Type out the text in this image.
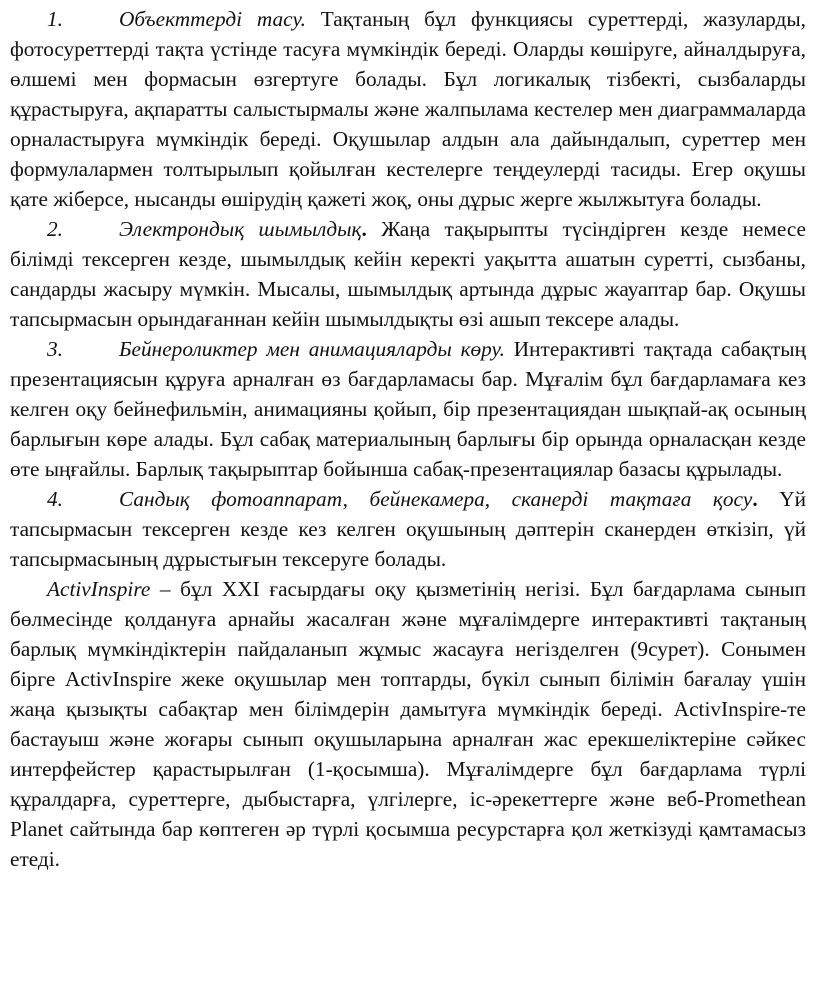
1.	Объекттерді тасу. Тақтаның бұл функциясы суреттерді, жазуларды, фотосуреттерді тақта үстінде тасуға мүмкіндік береді. Оларды көшіруге, айналдыруға, өлшемі мен формасын өзгертуге болады. Бұл логикалық тізбекті, сызбаларды құрастыруға, ақпаратты салыстырмалы және жалпылама кестелер мен диаграммаларда орналастыруға мүмкіндік береді. Оқушылар алдын ала дайындалып, суреттер мен формулалармен толтырылып қойылған кестелерге теңдеулерді тасиды. Егер оқушы қате жіберсе, нысанды өшірудің қажеті жоқ, оны дұрыс жерге жылжытуға болады.

2.	Электрондық шымылдық. Жаңа тақырыпты түсіндірген кезде немесе білімді тексерген кезде, шымылдық кейін керекті уақытта ашатын суретті, сызбаны, сандарды жасыру мүмкін. Мысалы, шымылдық артында дұрыс жауаптар бар. Оқушы тапсырмасын орындағаннан кейін шымылдықты өзі ашып тексере алады.

3.	Бейнероликтер мен анимацияларды көру. Интерактивті тақтада сабақтың презентациясын құруға арналған өз бағдарламасы бар. Мұғалім бұл бағдарламаға кез келген оқу бейнефильмін, анимацияны қойып, бір презентациядан шықпай-ақ осының барлығын көре алады. Бұл сабақ материалының барлығы бір орында орналасқан кезде өте ыңғайлы. Барлық тақырыптар бойынша сабақ-презентациялар базасы құрылады.

4.	Сандық фотоаппарат, бейнекамера, сканерді тақтаға қосу. Үй тапсырмасын тексерген кезде кез келген оқушының дәптерін сканерден өткізіп, үй тапсырмасының дұрыстығын тексеруге болады.

ActivInspire – бұл XXI ғасырдағы оқу қызметінің негізі. Бұл бағдарлама сынып бөлмесінде қолдануға арнайы жасалған және мұғалімдерге интерактивті тақтаның барлық мүмкіндіктерін пайдаланып жұмыс жасауға негізделген (9сурет). Сонымен бірге ActivInspire жеке оқушылар мен топтарды, бүкіл сынып білімін бағалау үшін жаңа қызықты сабақтар мен білімдерін дамытуға мүмкіндік береді. ActivInspire-те бастауыш және жоғары сынып оқушыларына арналған жас ерекшеліктеріне сәйкес интерфейстер қарастырылған (1-қосымша). Мұғалімдерге бұл бағдарлама түрлі құралдарға, суреттерге, дыбыстарға, үлгілерге, іс-әрекеттерге және веб-Promethean Planet сайтында бар көптеген әр түрлі қосымша ресурстарға қол жеткізуді қамтамасыз етеді.
